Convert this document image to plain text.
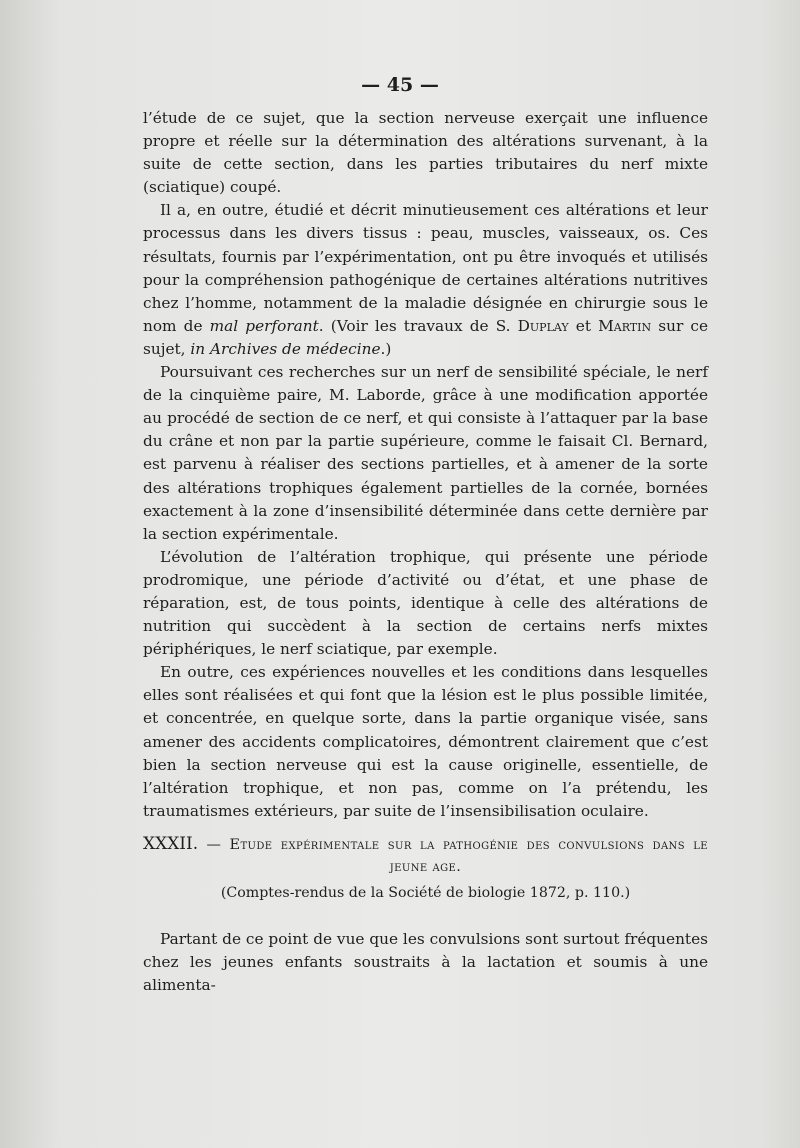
— 45 —

l’étude de ce sujet, que la section nerveuse exerçait une influence propre et réelle sur la détermination des altérations survenant, à la suite de cette section, dans les parties tributaires du nerf mixte (sciatique) coupé.

Il a, en outre, étudié et décrit minutieusement ces altérations et leur processus dans les divers tissus : peau, muscles, vaisseaux, os. Ces résultats, fournis par l’expérimentation, ont pu être invoqués et utilisés pour la compréhension pathogénique de certaines altérations nutritives chez l’homme, notamment de la maladie désignée en chirurgie sous le nom de mal perforant. (Voir les travaux de S. Duplay et Martin sur ce sujet, in Archives de médecine.)

Poursuivant ces recherches sur un nerf de sensibilité spéciale, le nerf de la cinquième paire, M. Laborde, grâce à une modification apportée au procédé de section de ce nerf, et qui consiste à l’attaquer par la base du crâne et non par la partie supérieure, comme le faisait Cl. Bernard, est parvenu à réaliser des sections partielles, et à amener de la sorte des altérations trophiques également partielles de la cornée, bornées exactement à la zone d’insensibilité déterminée dans cette dernière par la section expérimentale.

L’évolution de l’altération trophique, qui présente une période prodromique, une période d’activité ou d’état, et une phase de réparation, est, de tous points, identique à celle des altérations de nutrition qui succèdent à la section de certains nerfs mixtes périphériques, le nerf sciatique, par exemple.

En outre, ces expériences nouvelles et les conditions dans lesquelles elles sont réalisées et qui font que la lésion est le plus possible limitée, et concentrée, en quelque sorte, dans la partie organique visée, sans amener des accidents complicatoires, démontrent clairement que c’est bien la section nerveuse qui est la cause originelle, essentielle, de l’altération trophique, et non pas, comme on l’a prétendu, les traumatismes extérieurs, par suite de l’insensibilisation oculaire.

XXXII. — Etude expérimentale sur la pathogénie des convulsions dans le jeune age.
(Comptes-rendus de la Société de biologie 1872, p. 110.)

Partant de ce point de vue que les convulsions sont surtout fréquentes chez les jeunes enfants soustraits à la lactation et soumis à une alimenta-
